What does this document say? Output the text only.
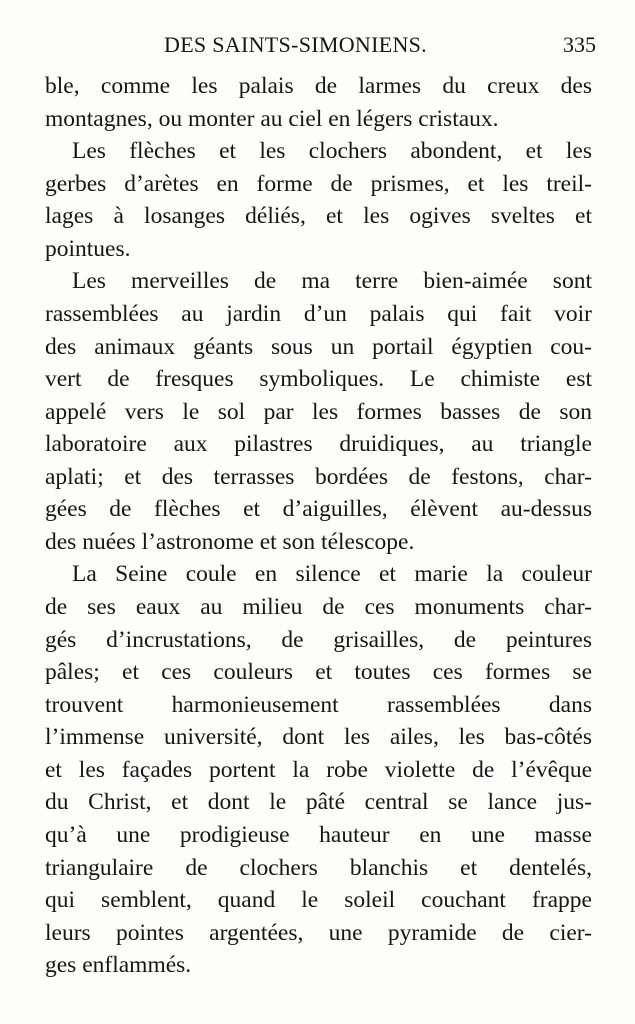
DES SAINTS-SIMONIENS.	335
ble, comme les palais de larmes du creux des
montagnes, ou monter au ciel en légers cristaux.
Les flèches et les clochers abondent, et les
gerbes d’arètes en forme de prismes, et les treil-
lages à losanges déliés, et les ogives sveltes et
pointues.
Les merveilles de ma terre bien-aimée sont
rassemblées au jardin d’un palais qui fait voir
des animaux géants sous un portail égyptien cou-
vert de fresques symboliques. Le chimiste est
appelé vers le sol par les formes basses de son
laboratoire aux pilastres druidiques, au triangle
aplati; et des terrasses bordées de festons, char-
gées de flèches et d’aiguilles, élèvent au-dessus
des nuées l’astronome et son télescope.
La Seine coule en silence et marie la couleur
de ses eaux au milieu de ces monuments char-
gés d’incrustations, de grisailles, de peintures
pâles; et ces couleurs et toutes ces formes se
trouvent harmonieusement rassemblées dans
l’immense université, dont les ailes, les bas-côtés
et les façades portent la robe violette de l’évêque
du Christ, et dont le pâté central se lance jus-
qu’à une prodigieuse hauteur en une masse
triangulaire de clochers blanchis et dentelés,
qui semblent, quand le soleil couchant frappe
leurs pointes argentées, une pyramide de cier-
ges enflammés.
